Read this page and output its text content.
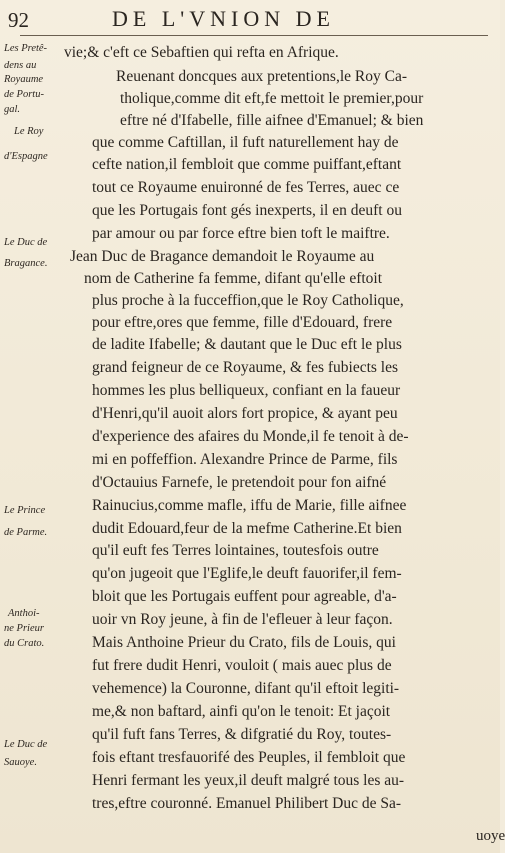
92	DE L'VNION DE
Les Pretê-
dens au
Royaume
de Portu-
gal.
Le Roy
d'Espagne
Le Duc de
Bragance.
Le Prince
de Parme.
Anthoi-
ne Prieur
du Crato.
Le Duc de
Sauoye.
vie;& c'eft ce Sebaftien qui refta en Afrique.
Reuenant doncques aux pretentions,le Roy Ca-
tholique,comme dit eft,fe mettoit le premier,pour
eftre né d'Ifabelle, fille aifnee d'Emanuel; & bien
que comme Caftillan, il fuft naturellement hay de
cefte nation,il fembloit que comme puiffant,eftant
tout ce Royaume enuironné de fes Terres, auec ce
que les Portugais font gés inexperts, il en deuft ou
par amour ou par force eftre bien toft le maiftre.
Jean Duc de Bragance demandoit le Royaume au
nom de Catherine fa femme, difant qu'elle eftoit
plus proche à la fucceffion,que le Roy Catholique,
pour eftre,ores que femme, fille d'Edouard, frere
de ladite Ifabelle; & dautant que le Duc eft le plus
grand feigneur de ce Royaume, & fes fubiects les
hommes les plus belliqueux, confiant en la faueur
d'Henri,qu'il auoit alors fort propice, & ayant peu
d'experience des afaires du Monde,il fe tenoit à de-
mi en poffeffion. Alexandre Prince de Parme, fils
d'Octauius Farnefe, le pretendoit pour fon aifné
Rainucius,comme mafle, iffu de Marie, fille aifnee
dudit Edouard,feur de la mefme Catherine.Et bien
qu'il euft fes Terres lointaines, toutesfois outre
qu'on jugeoit que l'Eglife,le deuft fauorifer,il fem-
bloit que les Portugais euffent pour agreable, d'a-
uoir vn Roy jeune, à fin de l'efleuer à leur façon.
Mais Anthoine Prieur du Crato, fils de Louis, qui
fut frere dudit Henri, vouloit ( mais auec plus de
vehemence) la Couronne, difant qu'il eftoit legiti-
me,& non baftard, ainfi qu'on le tenoit: Et jaçoit
qu'il fuft fans Terres, & difgratié du Roy, toutes-
fois eftant tresfauorifé des Peuples, il fembloit que
Henri fermant les yeux,il deuft malgré tous les au-
tres,eftre couronné. Emanuel Philibert Duc de Sa-
uoye
